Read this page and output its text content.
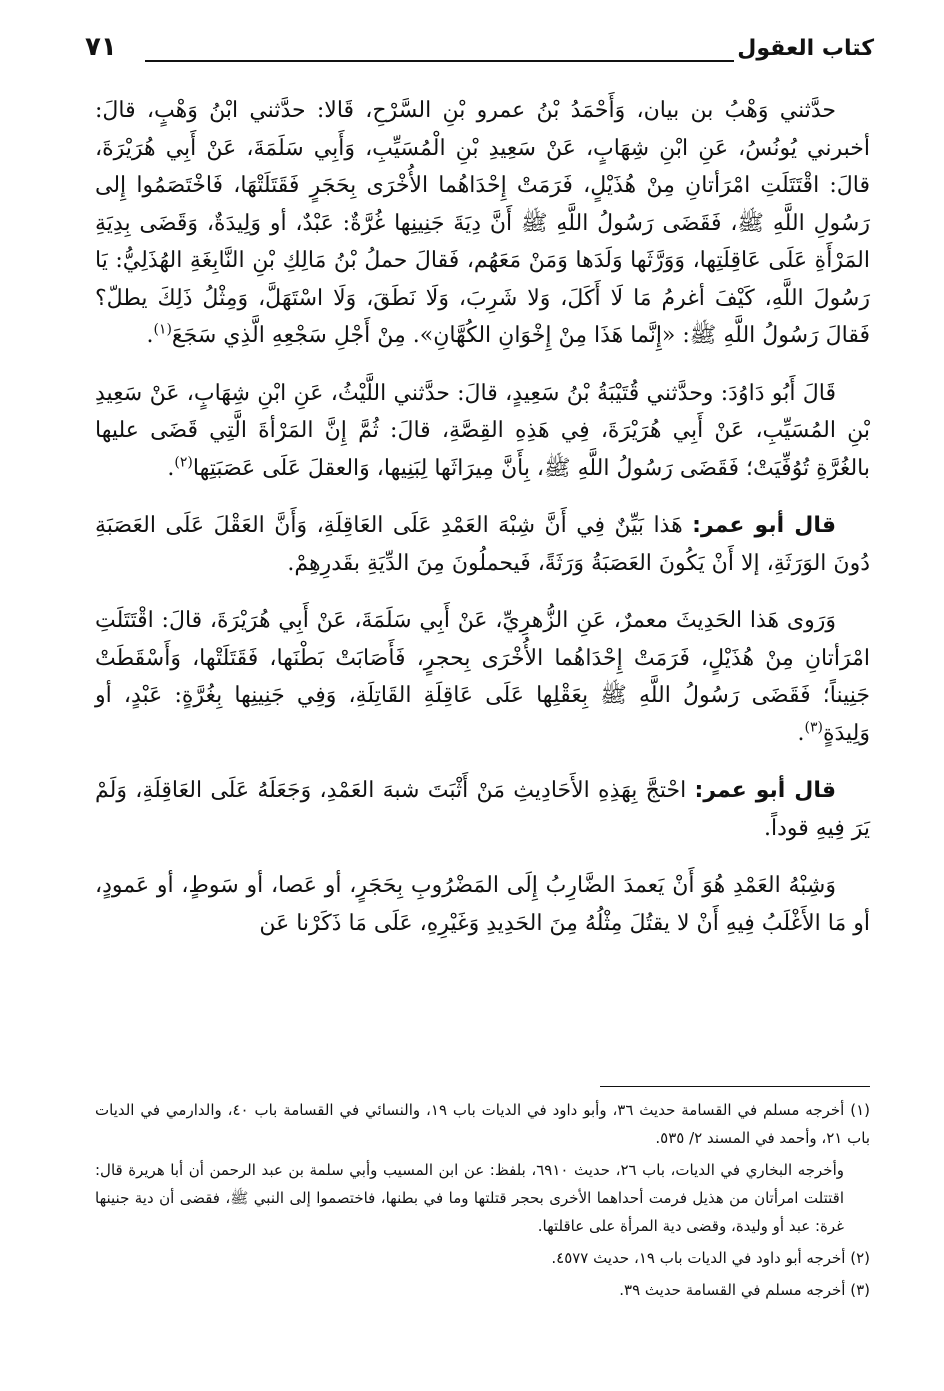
كتاب العقول
٧١

حدَّثني وَهْبُ بن بيان، وَأَحْمَدُ بْنُ عمرو بْنِ السَّرْحِ، قَالا: حدَّثني ابْنُ وَهْبٍ، قالَ: أخبرني يُونُسُ، عَنِ ابْنِ شِهَابٍ، عَنْ سَعِيدِ بْنِ الْمُسَيِّبِ، وَأَبِي سَلَمَةَ، عَنْ أَبِي هُرَيْرَةَ، قالَ: اقْتَتَلَتِ امْرَأتانِ مِنْ هُذَيْلٍ، فَرَمَتْ إِحْدَاهُما الأُخْرَى بِحَجَرٍ فَقَتَلَتْهَا، فَاخْتَصَمُوا إِلى رَسُولِ اللَّهِ ﷺ، فَقَضَى رَسُولُ اللَّهِ ﷺ أَنَّ دِيَةَ جَنِينِها غُرَّةٌ: عَبْدٌ، أو وَلِيدَةٌ، وَقَضَى بِدِيَةِ المَرْأَةِ عَلَى عَاقِلَتِها، وَوَرَّثَها وَلَدَها وَمَنْ مَعَهُم، فَقالَ حملُ بْنُ مَالِكِ بْنِ النَّابِغَةِ الهُذَلِيُّ: يَا رَسُولَ اللَّهِ، كَيْفَ أغرمُ مَا لَا أَكَلَ، وَلا شَرِبَ، وَلَا نَطَقَ، وَلَا اسْتَهَلَّ، وَمِثْلُ ذَلِكَ يطلّ؟ فَقالَ رَسُولُ اللَّهِ ﷺ: «إِنَّما هَذَا مِنْ إِخْوَانِ الكُهَّانِ». مِنْ أَجْلِ سَجْعِهِ الَّذِي سَجَعَ$^{(١)}$.

قَالَ أَبُو دَاوُدَ: وحدَّثني قُتَيْبَةُ بْنُ سَعِيدٍ، قالَ: حدَّثني اللَّيْثُ، عَنِ ابْنِ شِهَابٍ، عَنْ سَعِيدِ بْنِ المُسَيِّبِ، عَنْ أَبِي هُرَيْرَةَ، فِي هَذِهِ القِصَّةِ، قالَ: ثُمَّ إِنَّ المَرْأةَ الَّتِي قَضَى عليها بالغُرَّةِ تُوُفِّيَتْ؛ فَقَضَى رَسُولُ اللَّهِ ﷺ، بِأَنَّ مِيرَاثَها لِبَنِيها، وَالعقلَ عَلَى عَصَبَتِها$^{(٢)}$.

قال أبو عمر: هَذا بَيِّنٌ فِي أَنَّ شِبْهَ العَمْدِ عَلَى العَاقِلَةِ، وَأَنَّ العَقْلَ عَلَى العَصَبَةِ دُونَ الوَرَثَةِ، إلا أَنْ يَكُونَ العَصَبَةُ وَرَثَةً، فَيحملُونَ مِنَ الدِّيَةِ بقَدرِهِمْ.

وَرَوى هَذا الحَدِيثَ معمرٌ، عَنِ الزُّهرِيِّ، عَنْ أَبِي سَلَمَةَ، عَنْ أَبِي هُرَيْرَةَ، قالَ: اقْتَتَلَتِ امْرَأتانِ مِنْ هُذَيْلٍ، فَرَمَتْ إِحْدَاهُما الأُخْرَى بِحجرٍ، فَأَصَابَتْ بَطْنَها، فَقَتَلَتْها، وَأَسْقَطَتْ جَنِيناً؛ فَقَضَى رَسُولُ اللَّهِ ﷺ بِعَقْلِها عَلَى عَاقِلَةِ القَاتِلَةِ، وَفِي جَنِينِها بِغُرَّةٍ: عَبْدٍ، أو وَلِيدَةٍ$^{(٣)}$.

قال أبو عمر: احْتجَّ بِهَذِهِ الأَحَادِيثِ مَنْ أَثْبَتَ شبهَ العَمْدِ، وَجَعَلَهُ عَلَى العَاقِلَةِ، وَلَمْ يَرَ فِيهِ قوداً.

وَشِبْهُ العَمْدِ هُوَ أَنْ يَعمدَ الضَّارِبُ إِلَى المَضْرُوبِ بِحَجَرٍ، أو عَصا، أو سَوطٍ، أو عَمودٍ، أو مَا الأَغْلَبُ فِيهِ أَنْ لا يقتُلَ مِثْلُهُ مِنَ الحَدِيدِ وَغَيْرِهِ، عَلَى مَا ذَكَرْنا عَن

(١) أخرجه مسلم في القسامة حديث ٣٦، وأبو داود في الديات باب ١٩، والنسائي في القسامة باب ٤٠، والدارمي في الديات باب ٢١، وأحمد في المسند ٢/ ٥٣٥.

وأخرجه البخاري في الديات، باب ٢٦، حديث ٦٩١٠، بلفظ: عن ابن المسيب وأبي سلمة بن عبد الرحمن أن أبا هريرة قال: اقتتلت امرأتان من هذيل فرمت أحداهما الأخرى بحجر قتلتها وما في بطنها، فاختصموا إلى النبي ﷺ، فقضى أن دية جنينها غرة: عبد أو وليدة، وقضى دية المرأة على عاقلتها.

(٢) أخرجه أبو داود في الديات باب ١٩، حديث ٤٥٧٧.

(٣) أخرجه مسلم في القسامة حديث ٣٩.
